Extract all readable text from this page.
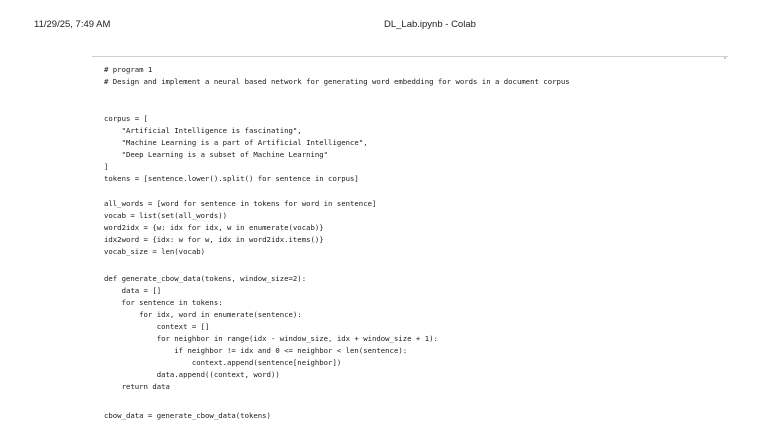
11/29/25, 7:49 AM	DL_Lab.ipynb - Colab
# program 1
# Design and implement a neural based network for generating word embedding for words in a document corpus
corpus = [
"Artificial Intelligence is fascinating",
"Machine Learning is a part of Artificial Intelligence",
"Deep Learning is a subset of Machine Learning"
]
tokens = [sentence.lower().split() for sentence in corpus]
all_words = [word for sentence in tokens for word in sentence]
vocab = list(set(all_words))
word2idx = {w: idx for idx, w in enumerate(vocab)}
idx2word = {idx: w for w, idx in word2idx.items()}
vocab_size = len(vocab)
def generate_cbow_data(tokens, window_size=2):
data = []
for sentence in tokens:
for idx, word in enumerate(sentence):
context = []
for neighbor in range(idx - window_size, idx + window_size + 1):
if neighbor != idx and 0 <= neighbor < len(sentence):
context.append(sentence[neighbor])
data.append((context, word))
return data
cbow_data = generate_cbow_data(tokens)
